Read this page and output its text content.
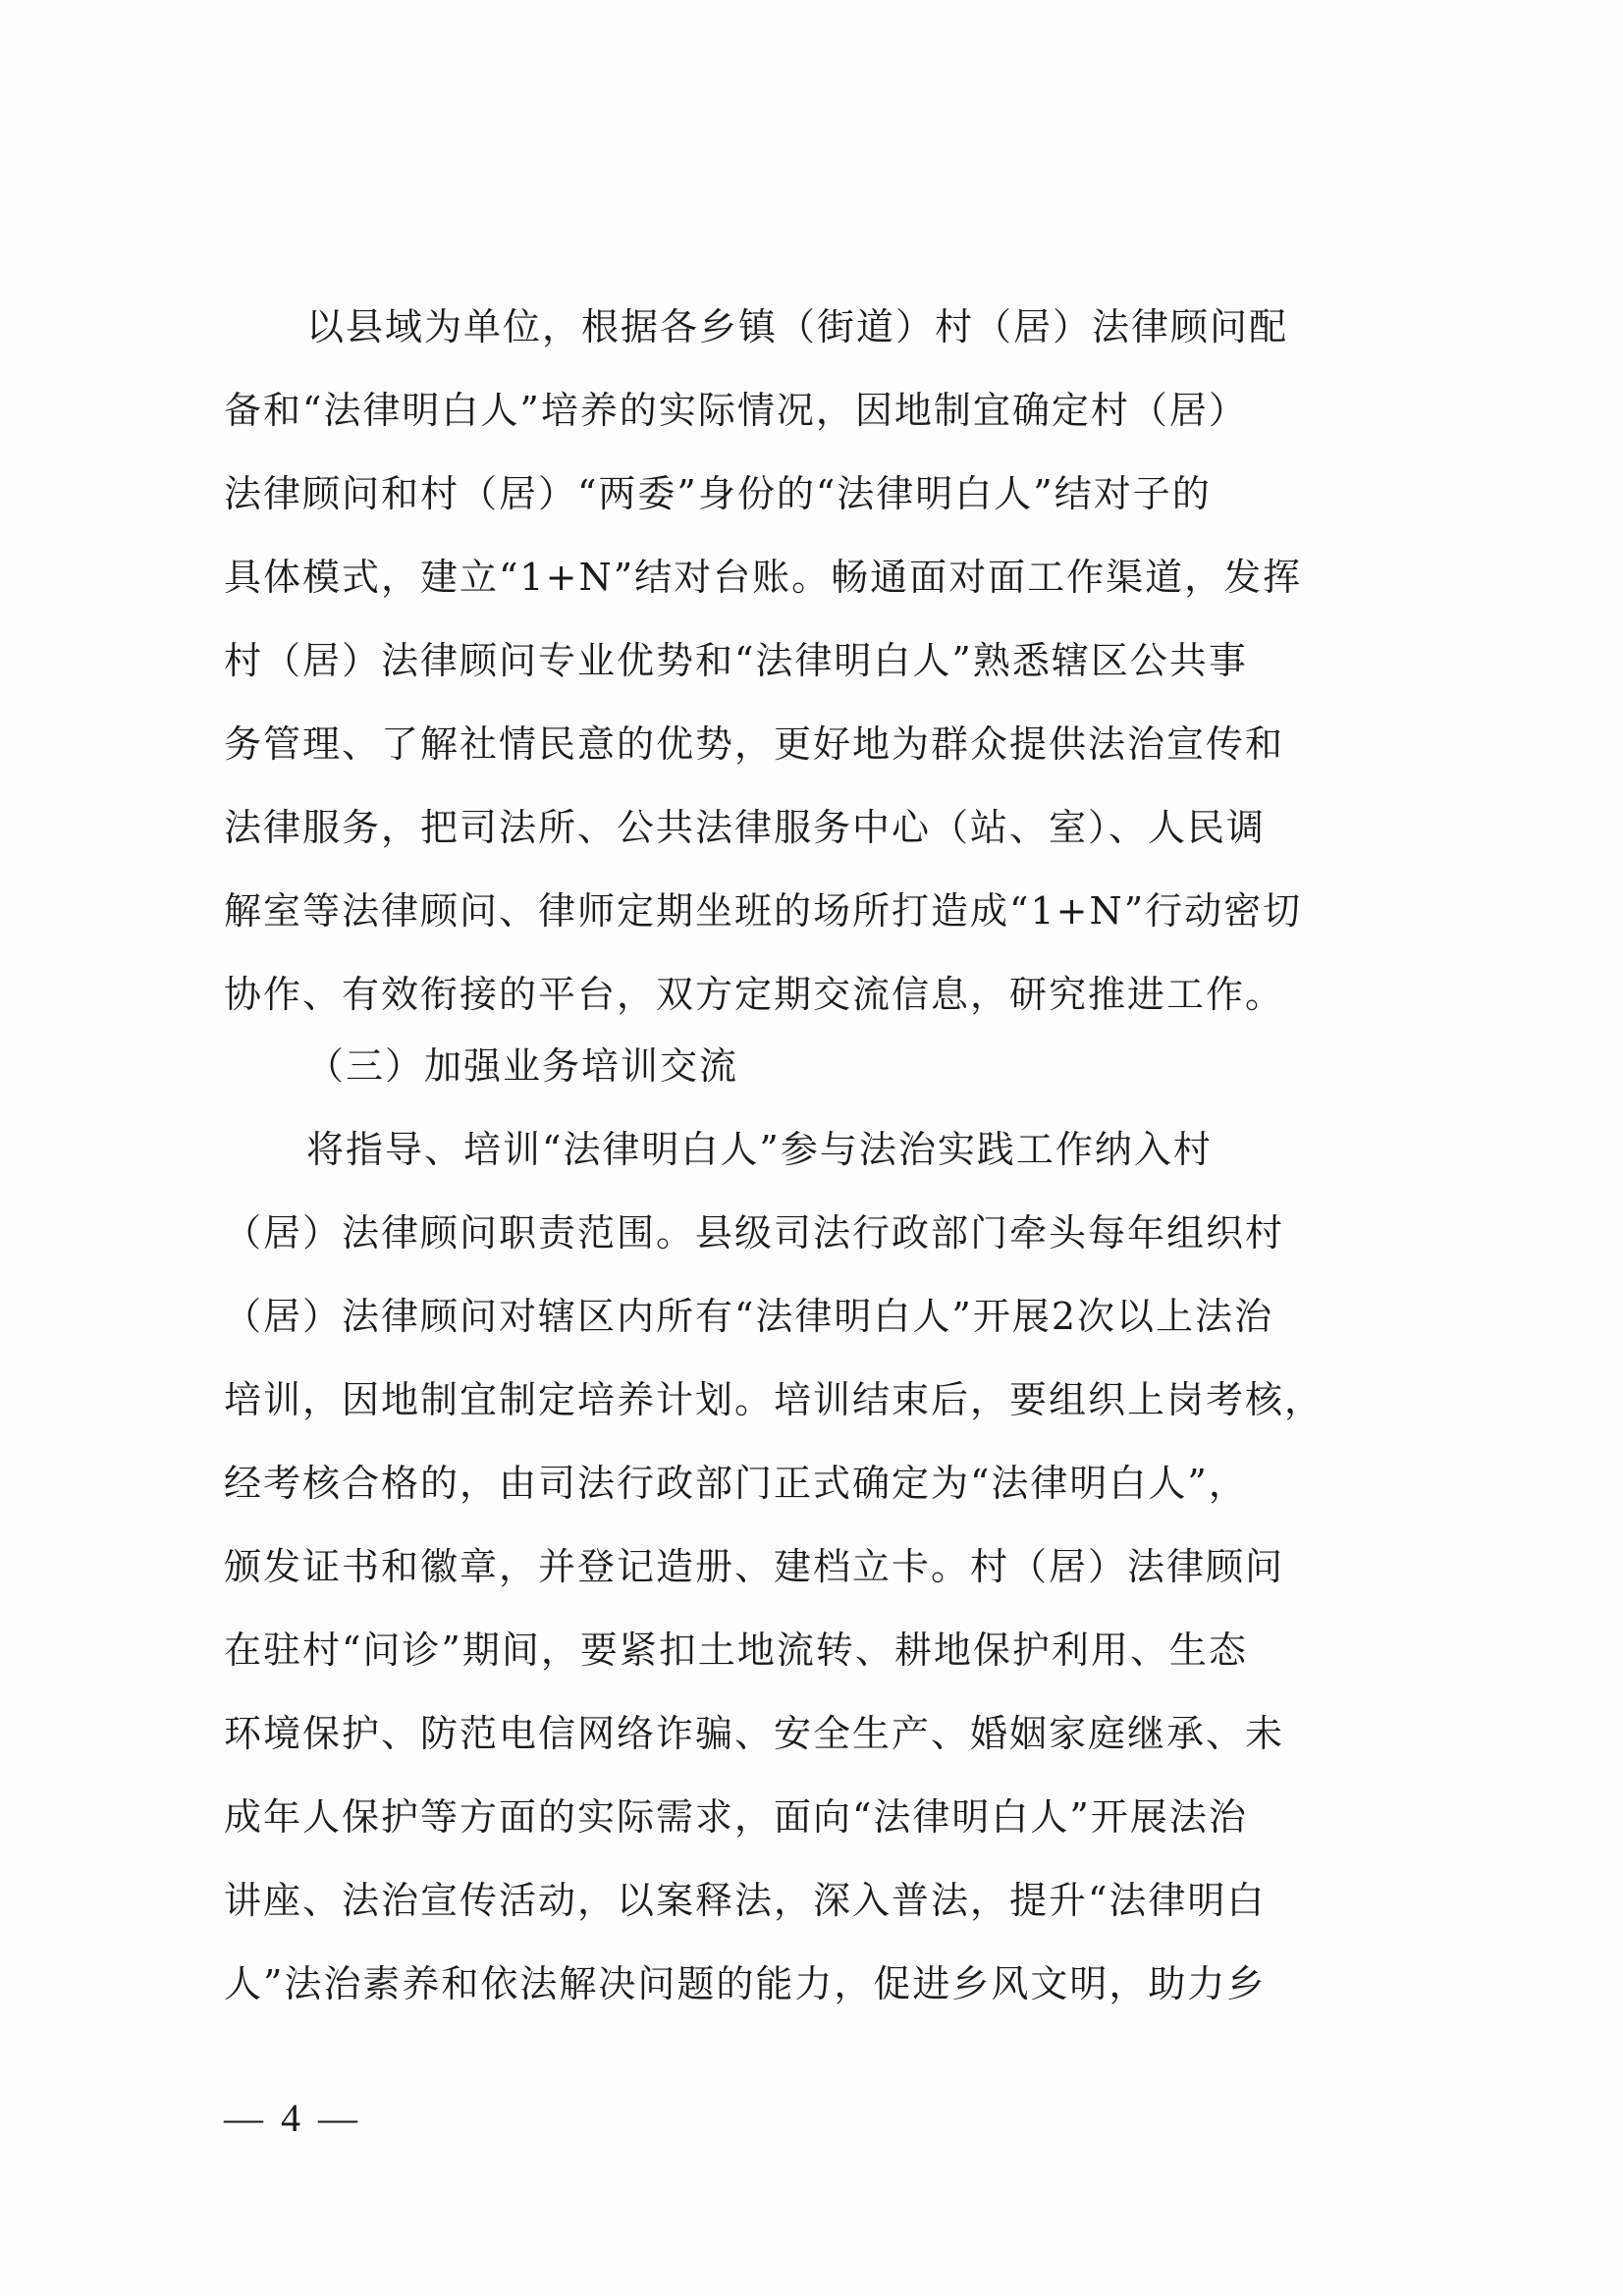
以县域为单位，根据各乡镇（街道）村（居）法律顾问配
备和“法律明白人”培养的实际情况，因地制宜确定村（居）
法律顾问和村（居）“两委”身份的“法律明白人”结对子的
具体模式，建立“1+N”结对台账。畅通面对面工作渠道，发挥
村（居）法律顾问专业优势和“法律明白人”熟悉辖区公共事
务管理、了解社情民意的优势，更好地为群众提供法治宣传和
法律服务，把司法所、公共法律服务中心（站、室）、人民调
解室等法律顾问、律师定期坐班的场所打造成“1+N”行动密切
协作、有效衔接的平台，双方定期交流信息，研究推进工作。
（三）加强业务培训交流
将指导、培训“法律明白人”参与法治实践工作纳入村
（居）法律顾问职责范围。县级司法行政部门牵头每年组织村
（居）法律顾问对辖区内所有“法律明白人”开展2次以上法治
培训，因地制宜制定培养计划。培训结束后，要组织上岗考核，
经考核合格的，由司法行政部门正式确定为“法律明白人”，
颁发证书和徽章，并登记造册、建档立卡。村（居）法律顾问
在驻村“问诊”期间，要紧扣土地流转、耕地保护利用、生态
环境保护、防范电信网络诈骗、安全生产、婚姻家庭继承、未
成年人保护等方面的实际需求，面向“法律明白人”开展法治
讲座、法治宣传活动，以案释法，深入普法，提升“法律明白
人”法治素养和依法解决问题的能力，促进乡风文明，助力乡
— 4 —
